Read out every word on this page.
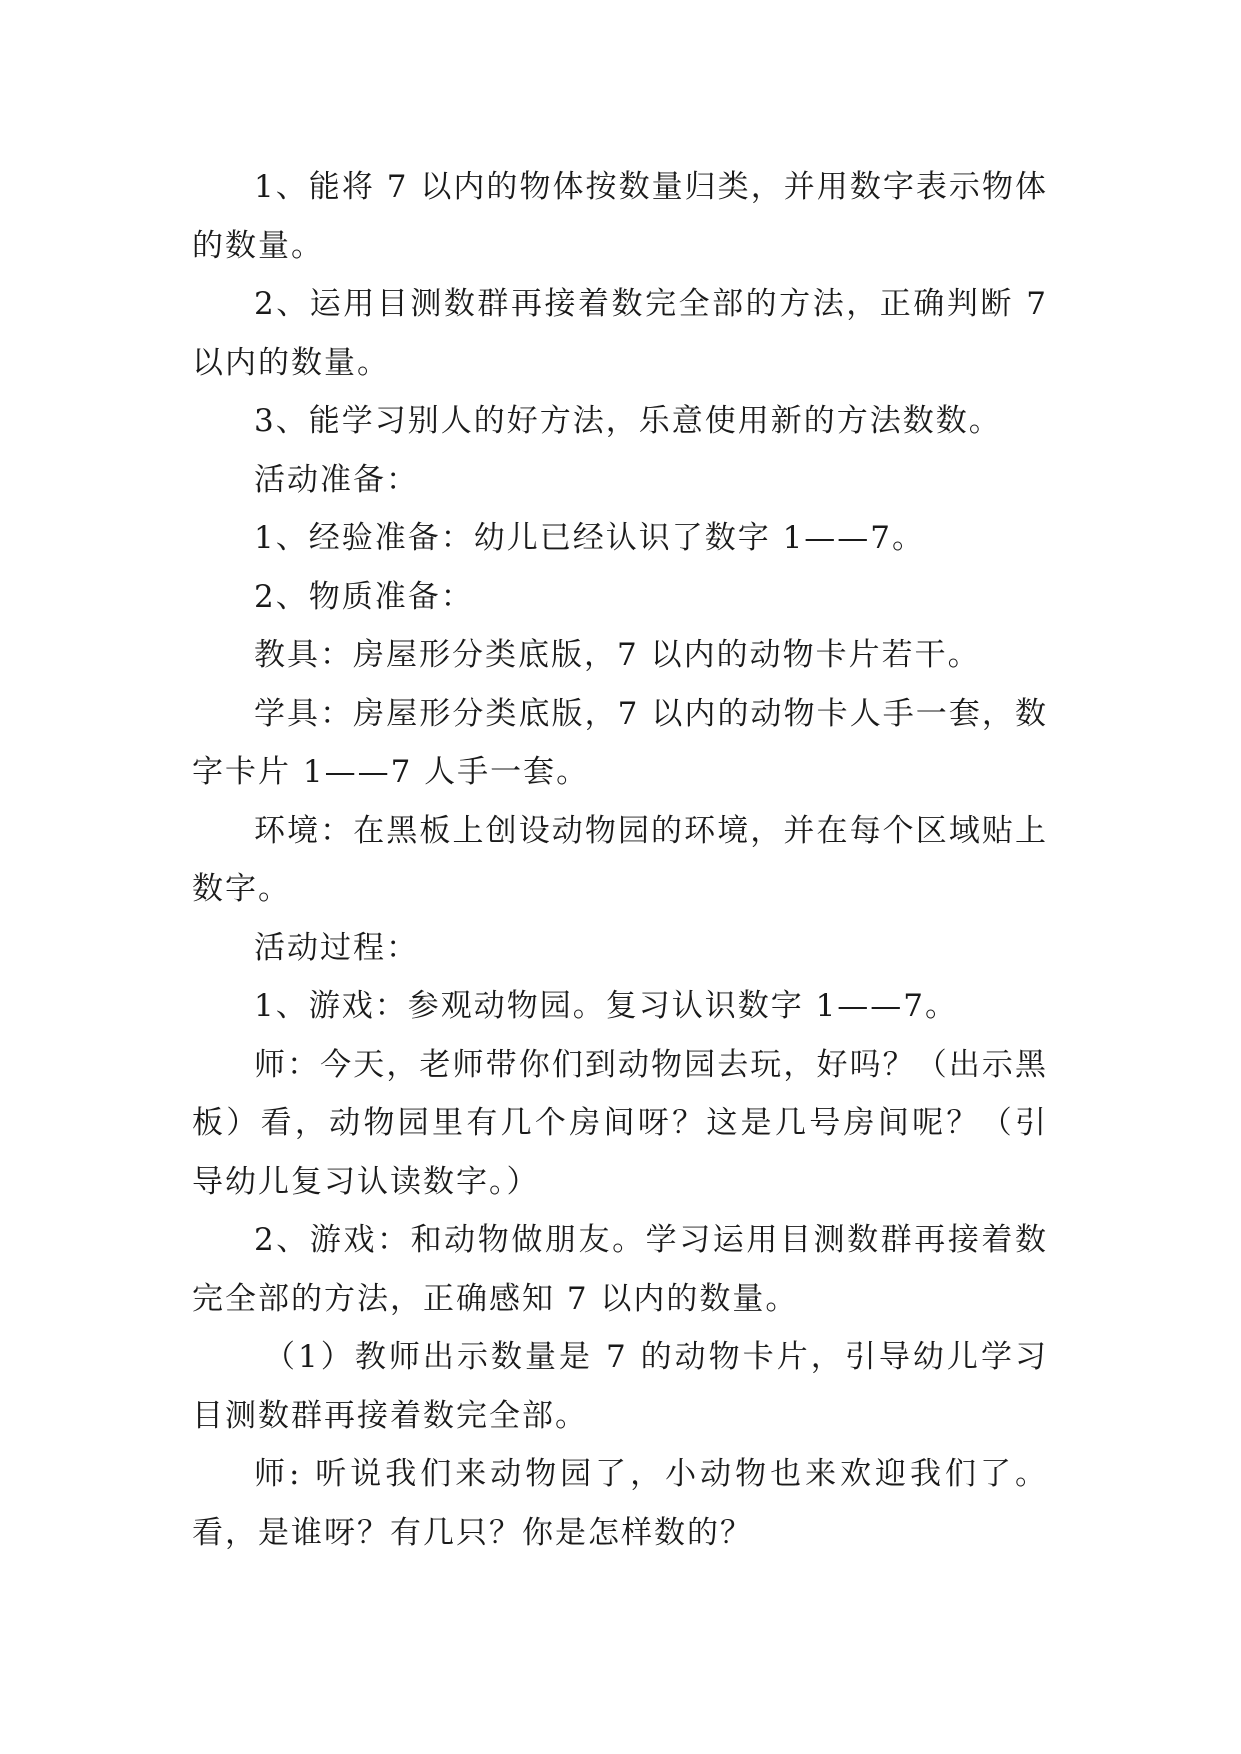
1、能将 7 以内的物体按数量归类，并用数字表示物体的数量。

2、运用目测数群再接着数完全部的方法，正确判断 7 以内的数量。

3、能学习别人的好方法，乐意使用新的方法数数。

活动准备：

1、经验准备：幼儿已经认识了数字 1——7。

2、物质准备：

教具：房屋形分类底版，7 以内的动物卡片若干。

学具：房屋形分类底版，7 以内的动物卡人手一套，数字卡片 1——7 人手一套。

环境：在黑板上创设动物园的环境，并在每个区域贴上数字。

活动过程：

1、游戏：参观动物园。复习认识数字 1——7。

师：今天，老师带你们到动物园去玩，好吗？（出示黑板）看，动物园里有几个房间呀？这是几号房间呢？（引导幼儿复习认读数字。）

2、游戏：和动物做朋友。学习运用目测数群再接着数完全部的方法，正确感知 7 以内的数量。

（1）教师出示数量是 7 的动物卡片，引导幼儿学习目测数群再接着数完全部。

师: 听说我们来动物园了，小动物也来欢迎我们了。看，是谁呀？有几只？你是怎样数的？
